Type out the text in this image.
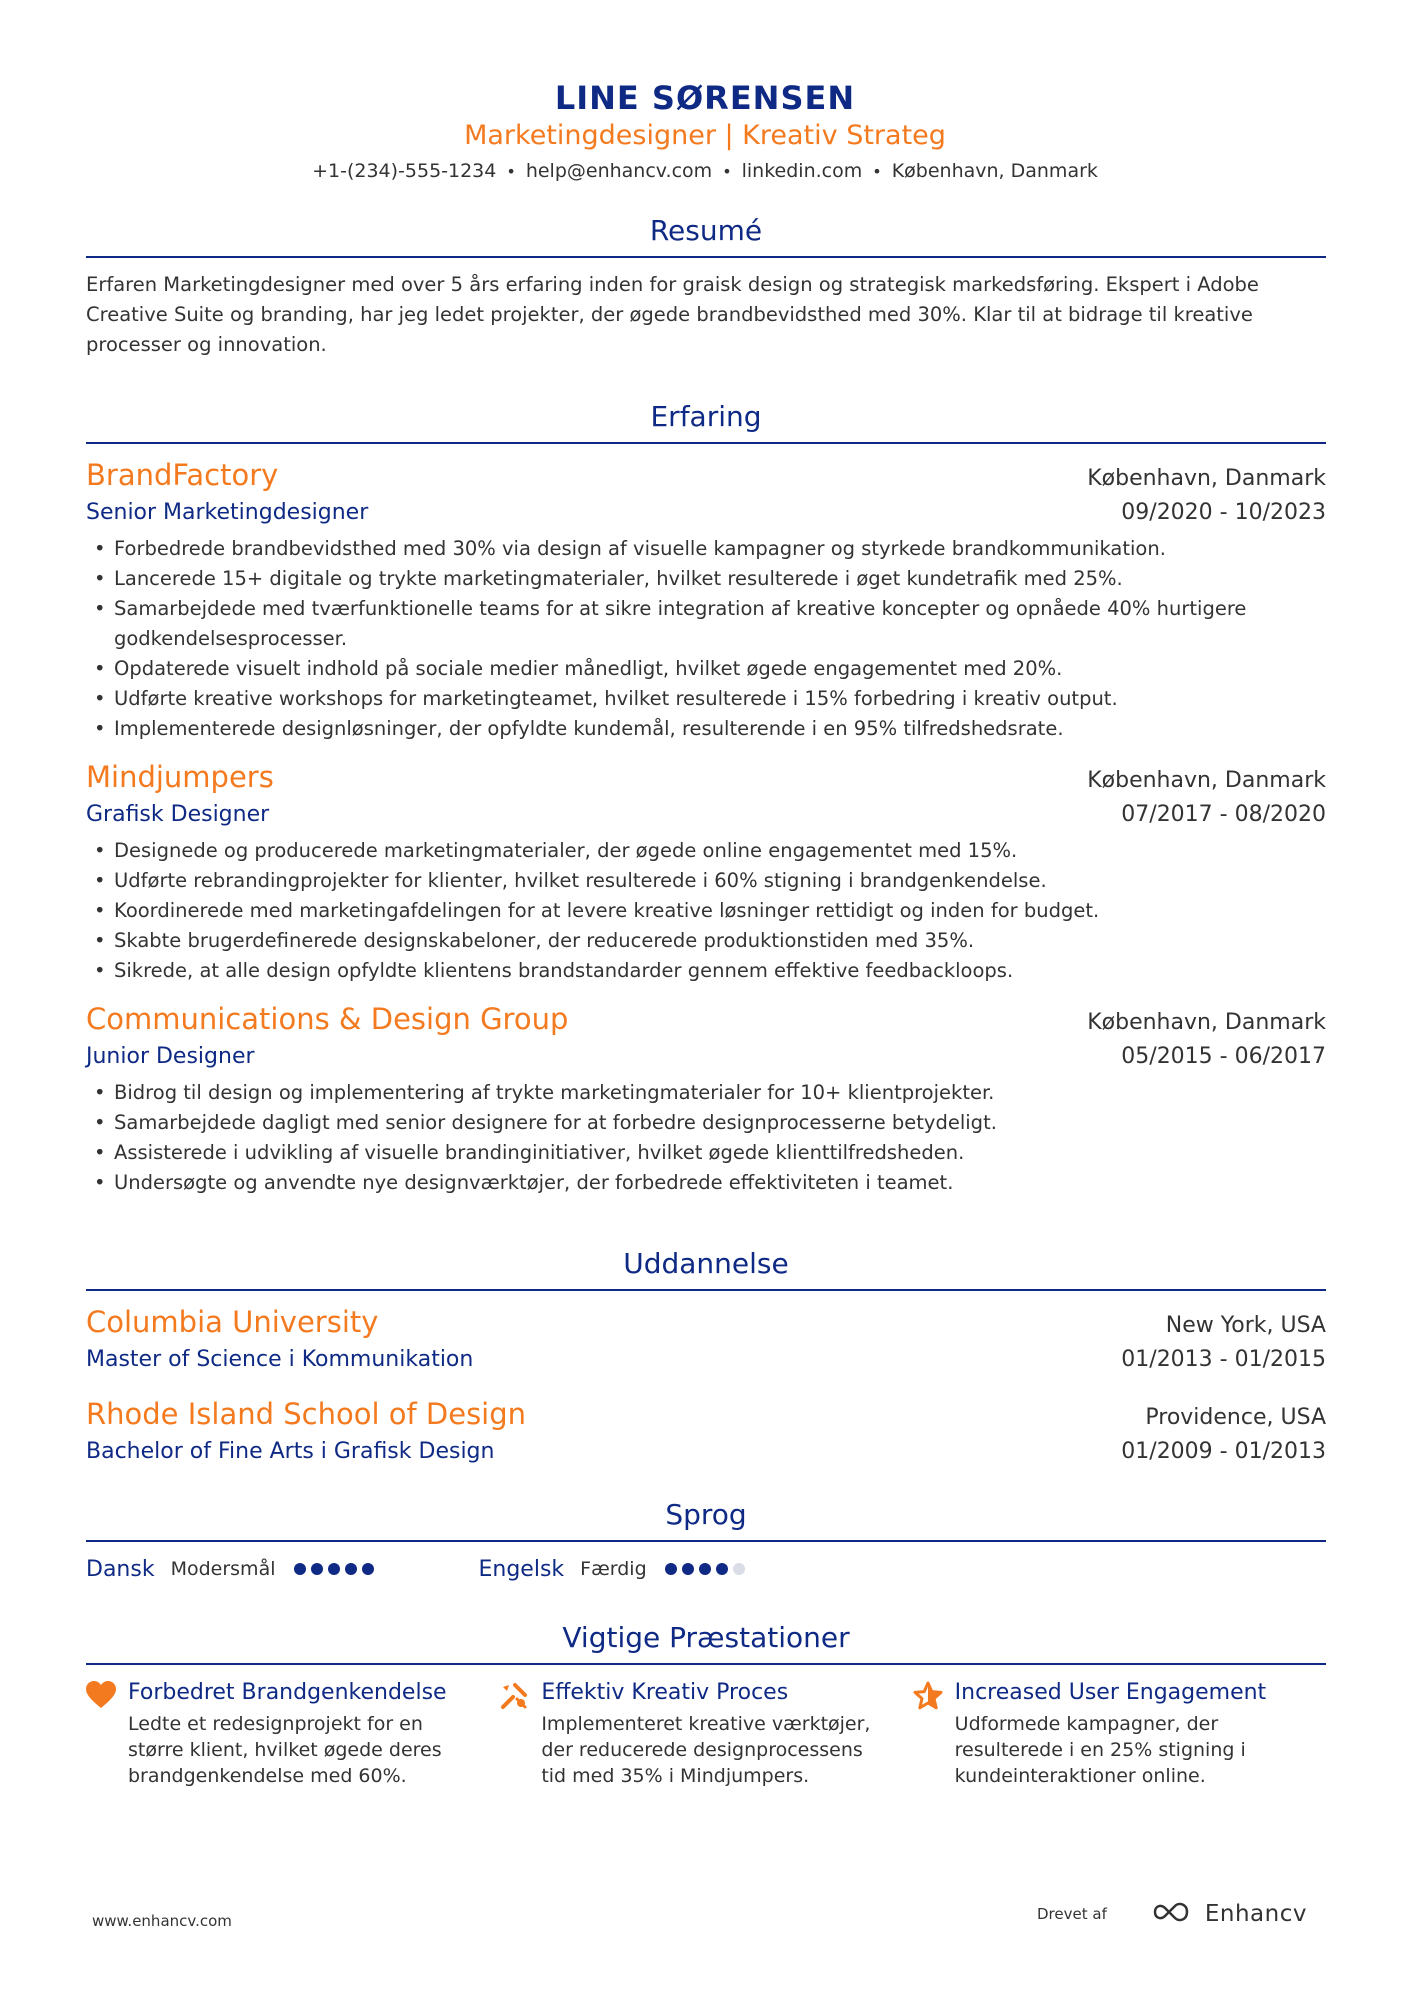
LINE SØRENSEN
Marketingdesigner | Kreativ Strateg
+1-(234)-555-1234 • help@enhancv.com • linkedin.com • København, Danmark
Resumé
Erfaren Marketingdesigner med over 5 års erfaring inden for graisk design og strategisk markedsføring. Ekspert i Adobe Creative Suite og branding, har jeg ledet projekter, der øgede brandbevidsthed med 30%. Klar til at bidrage til kreative processer og innovation.
Erfaring
BrandFactory	København, Danmark
Senior Marketingdesigner	09/2020 - 10/2023
• Forbedrede brandbevidsthed med 30% via design af visuelle kampagner og styrkede brandkommunikation.
• Lancerede 15+ digitale og trykte marketingmaterialer, hvilket resulterede i øget kundetrafik med 25%.
• Samarbejdede med tværfunktionelle teams for at sikre integration af kreative koncepter og opnåede 40% hurtigere godkendelsesprocesser.
• Opdaterede visuelt indhold på sociale medier månedligt, hvilket øgede engagementet med 20%.
• Udførte kreative workshops for marketingteamet, hvilket resulterede i 15% forbedring i kreativ output.
• Implementerede designløsninger, der opfyldte kundemål, resulterende i en 95% tilfredshedsrate.
Mindjumpers	København, Danmark
Grafisk Designer	07/2017 - 08/2020
• Designede og producerede marketingmaterialer, der øgede online engagementet med 15%.
• Udførte rebrandingprojekter for klienter, hvilket resulterede i 60% stigning i brandgenkendelse.
• Koordinerede med marketingafdelingen for at levere kreative løsninger rettidigt og inden for budget.
• Skabte brugerdefinerede designskabeloner, der reducerede produktionstiden med 35%.
• Sikrede, at alle design opfyldte klientens brandstandarder gennem effektive feedbackloops.
Communications & Design Group	København, Danmark
Junior Designer	05/2015 - 06/2017
• Bidrog til design og implementering af trykte marketingmaterialer for 10+ klientprojekter.
• Samarbejdede dagligt med senior designere for at forbedre designprocesserne betydeligt.
• Assisterede i udvikling af visuelle brandinginitiativer, hvilket øgede klienttilfredsheden.
• Undersøgte og anvendte nye designværktøjer, der forbedrede effektiviteten i teamet.
Uddannelse
Columbia University	New York, USA
Master of Science i Kommunikation	01/2013 - 01/2015
Rhode Island School of Design	Providence, USA
Bachelor of Fine Arts i Grafisk Design	01/2009 - 01/2013
Sprog
Dansk Modersmål	Engelsk Færdig
Vigtige Præstationer
Forbedret Brandgenkendelse
Ledte et redesignprojekt for en større klient, hvilket øgede deres brandgenkendelse med 60%.
Effektiv Kreativ Proces
Implementeret kreative værktøjer, der reducerede designprocessens tid med 35% i Mindjumpers.
Increased User Engagement
Udformede kampagner, der resulterede i en 25% stigning i kundeinteraktioner online.
www.enhancv.com	Drevet af	Enhancv
